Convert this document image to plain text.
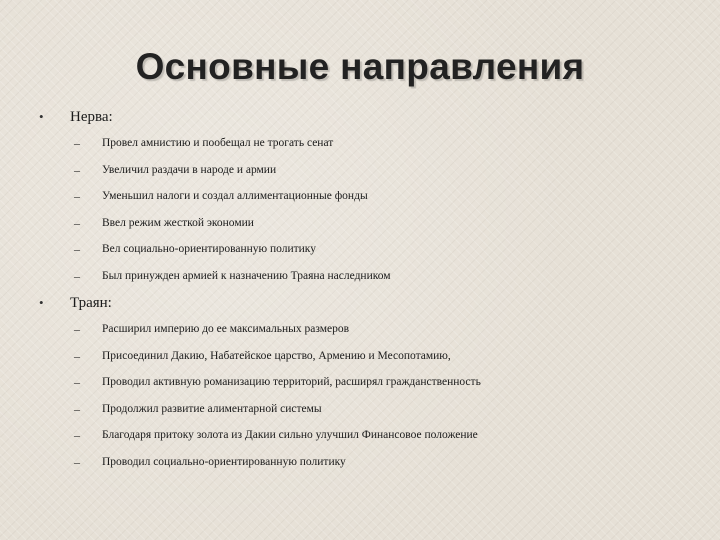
Основные направления
• Нерва:
– Провел амнистию и пообещал не трогать сенат
– Увеличил раздачи в народе и армии
– Уменьшил налоги и создал аллиментационные фонды
– Ввел режим жесткой экономии
– Вел социально-ориентированную политику
– Был принужден армией к назначению Траяна наследником
• Траян:
– Расширил империю до ее максимальных размеров
– Присоединил Дакию, Набатейское царство, Армению и Месопотамию,
– Проводил активную романизацию территорий, расширял гражданственность
– Продолжил развитие алиментарной системы
– Благодаря притоку золота из Дакии сильно улучшил Финансовое положение
– Проводил социально-ориентированную политику
